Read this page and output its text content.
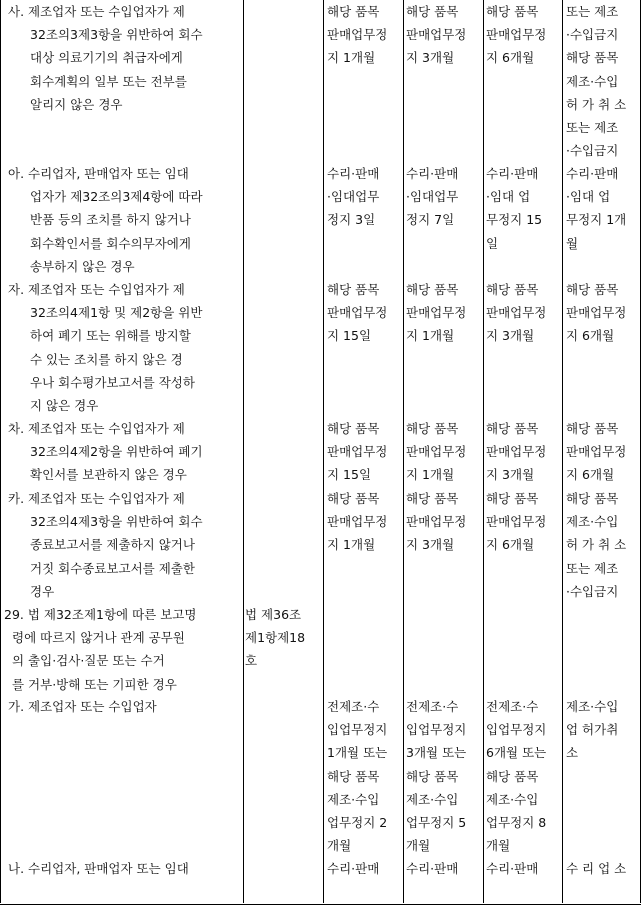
사. 제조업자 또는 수입업자가 제
32조의3제3항을 위반하여 회수
대상 의료기기의 취급자에게
회수계획의 일부 또는 전부를
알리지 않은 경우
해당 품목
판매업무정
지 1개월
해당 품목
판매업무정
지 3개월
해당 품목
판매업무정
지 6개월
또는 제조
·수입금지
해당 품목
제조·수입
허 가 취 소
또는 제조
·수입금지
아. 수리업자, 판매업자 또는 임대
업자가 제32조의3제4항에 따라
반품 등의 조치를 하지 않거나
회수확인서를 회수의무자에게
송부하지 않은 경우
수리·판매
·임대업무
정지 3일
수리·판매
·임대업무
정지 7일
수리·판매
·임대 업
무정지 15
일
수리·판매
·임대 업
무정지 1개
월
자. 제조업자 또는 수입업자가 제
32조의4제1항 및 제2항을 위반
하여 폐기 또는 위해를 방지할
수 있는 조치를 하지 않은 경
우나 회수평가보고서를 작성하
지 않은 경우
해당 품목
판매업무정
지 15일
해당 품목
판매업무정
지 1개월
해당 품목
판매업무정
지 3개월
해당 품목
판매업무정
지 6개월
차. 제조업자 또는 수입업자가 제
32조의4제2항을 위반하여 폐기
확인서를 보관하지 않은 경우
해당 품목
판매업무정
지 15일
해당 품목
판매업무정
지 1개월
해당 품목
판매업무정
지 3개월
해당 품목
판매업무정
지 6개월
카. 제조업자 또는 수입업자가 제
32조의4제3항을 위반하여 회수
종료보고서를 제출하지 않거나
거짓 회수종료보고서를 제출한
경우
해당 품목
판매업무정
지 1개월
해당 품목
판매업무정
지 3개월
해당 품목
판매업무정
지 6개월
해당 품목
제조·수입
허 가 취 소
또는 제조
·수입금지
29. 법 제32조제1항에 따른 보고명
령에 따르지 않거나 관계 공무원
의 출입·검사·질문 또는 수거
를 거부·방해 또는 기피한 경우
법 제36조
제1항제18
호
가. 제조업자 또는 수입업자	전제조·수
입업무정지
1개월 또는
해당 품목
제조·수입
업무정지 2
개월
전제조·수
입업무정지
3개월 또는
해당 품목
제조·수입
업무정지 5
개월
전제조·수
입업무정지
6개월 또는
해당 품목
제조·수입
업무정지 8
개월
제조·수입
업 허가취
소
나. 수리업자, 판매업자 또는 임대	수리·판매 수리·판매 수리·판매 수 리 업 소
